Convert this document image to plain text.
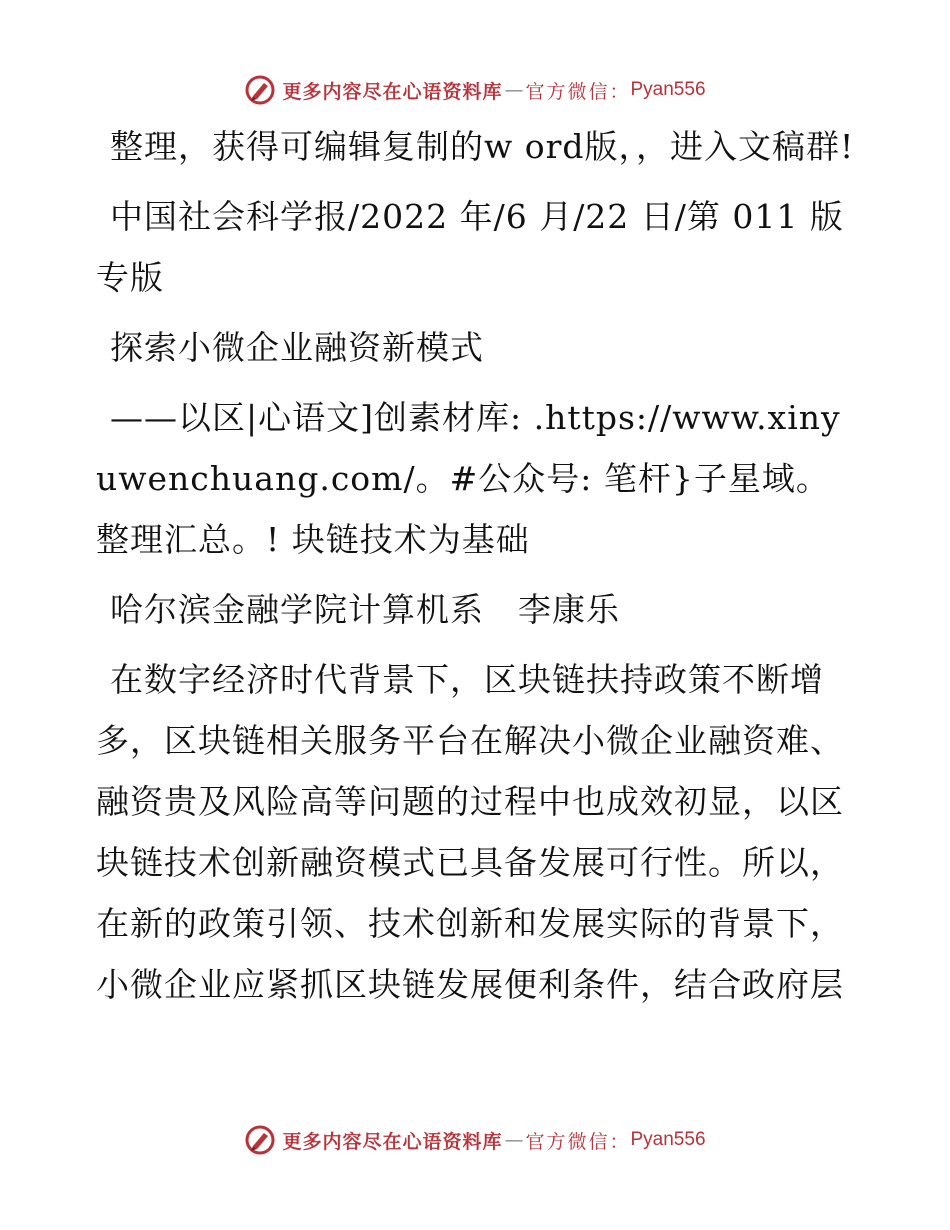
更多内容尽在心语资料库 — 官方微信： Pyan556

整理，获得可编辑复制的w ord版，，进入文稿群!

中国社会科学报/2022 年/6 月/22 日/第 011 版专版

探索小微企业融资新模式

——以区|心语文]创素材库: .https://www.xinyuwenchuang.com/。#公众号: 笔杆}子星域。整理汇总。! 块链技术为基础

哈尔滨金融学院计算机系　李康乐

在数字经济时代背景下，区块链扶持政策不断增多，区块链相关服务平台在解决小微企业融资难、融资贵及风险高等问题的过程中也成效初显，以区块链技术创新融资模式已具备发展可行性。所以，在新的政策引领、技术创新和发展实际的背景下，小微企业应紧抓区块链发展便利条件，结合政府层

更多内容尽在心语资料库 — 官方微信： Pyan556
